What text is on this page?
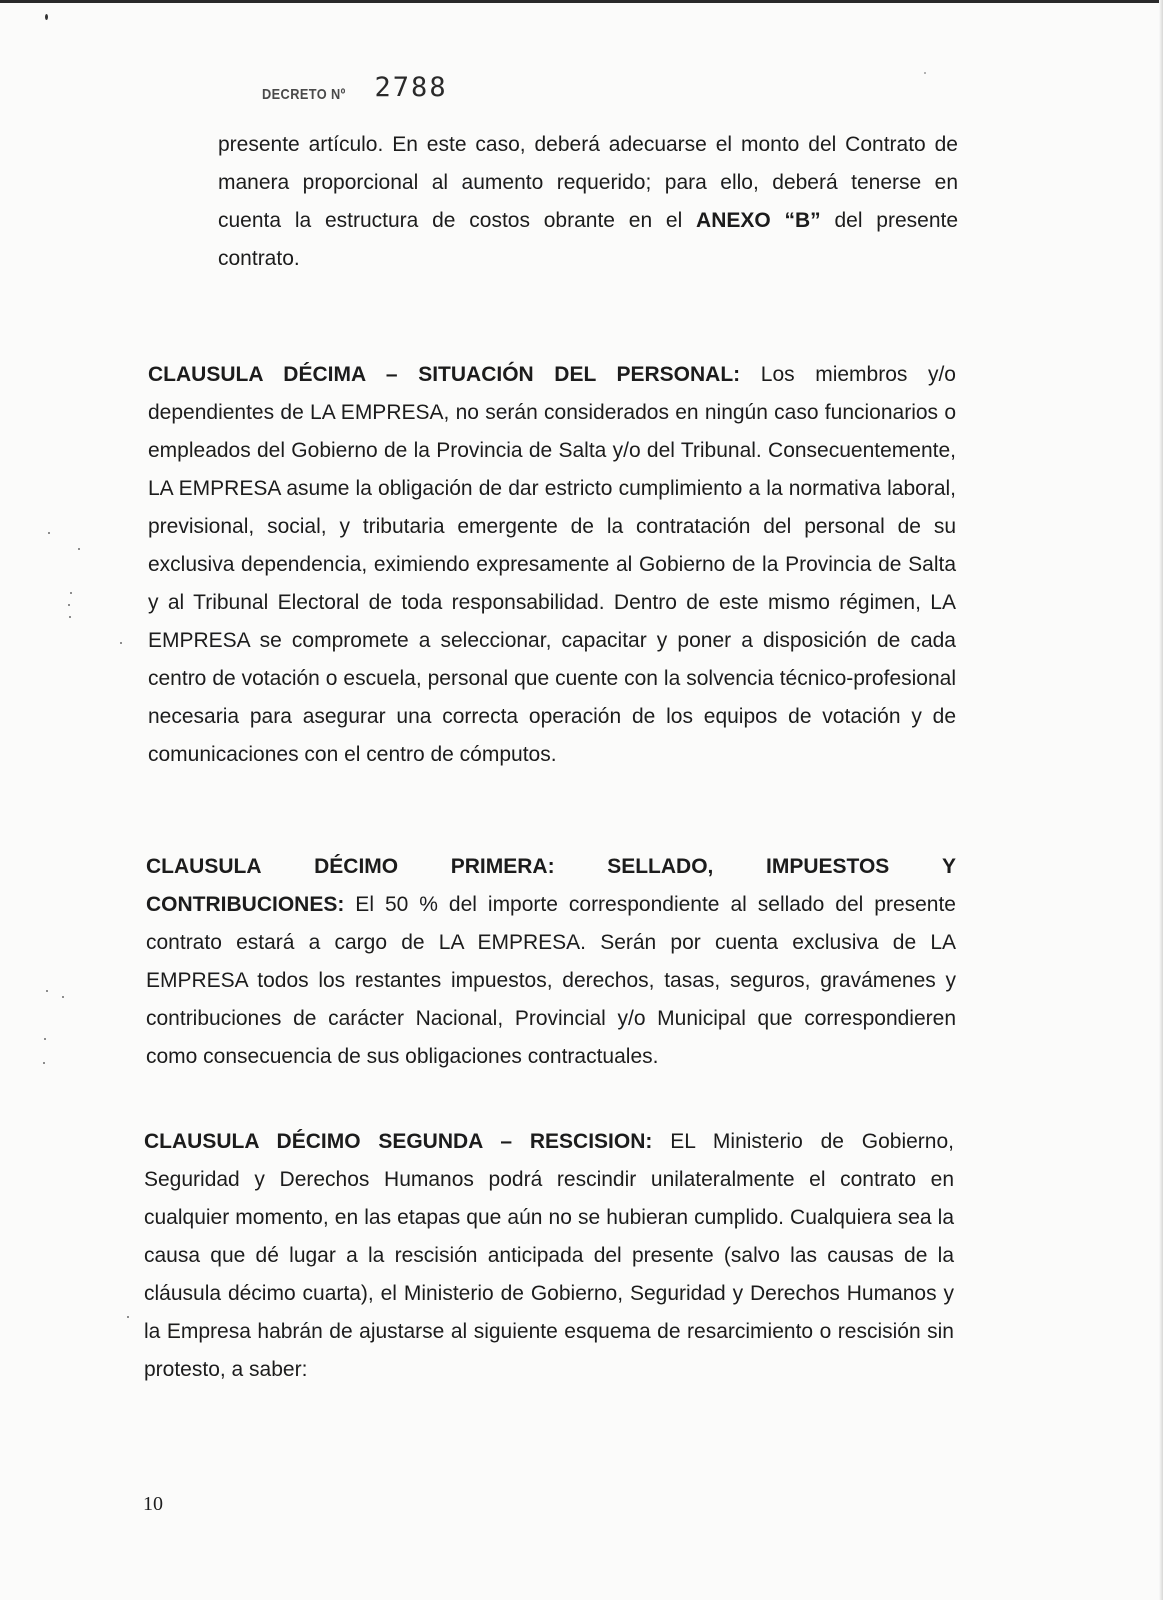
DECRETO Nº 2788
presente artículo. En este caso, deberá adecuarse el monto del Contrato de manera proporcional al aumento requerido; para ello, deberá tenerse en cuenta la estructura de costos obrante en el ANEXO “B” del presente contrato.
CLAUSULA DÉCIMA – SITUACIÓN DEL PERSONAL: Los miembros y/o dependientes de LA EMPRESA, no serán considerados en ningún caso funcionarios o empleados del Gobierno de la Provincia de Salta y/o del Tribunal. Consecuentemente, LA EMPRESA asume la obligación de dar estricto cumplimiento a la normativa laboral, previsional, social, y tributaria emergente de la contratación del personal de su exclusiva dependencia, eximiendo expresamente al Gobierno de la Provincia de Salta y al Tribunal Electoral de toda responsabilidad. Dentro de este mismo régimen, LA EMPRESA se compromete a seleccionar, capacitar y poner a disposición de cada centro de votación o escuela, personal que cuente con la solvencia técnico-profesional necesaria para asegurar una correcta operación de los equipos de votación y de comunicaciones con el centro de cómputos.
CLAUSULA	DÉCIMO	PRIMERA:	SELLADO,	IMPUESTOS	Y
CONTRIBUCIONES: El 50 % del importe correspondiente al sellado del presente contrato estará a cargo de LA EMPRESA. Serán por cuenta exclusiva de LA EMPRESA todos los restantes impuestos, derechos, tasas, seguros, gravámenes y contribuciones de carácter Nacional, Provincial y/o Municipal que correspondieren como consecuencia de sus obligaciones contractuales.
CLAUSULA DÉCIMO SEGUNDA – RESCISION: EL Ministerio de Gobierno, Seguridad y Derechos Humanos podrá rescindir unilateralmente el contrato en cualquier momento, en las etapas que aún no se hubieran cumplido. Cualquiera sea la causa que dé lugar a la rescisión anticipada del presente (salvo las causas de la cláusula décimo cuarta), el Ministerio de Gobierno, Seguridad y Derechos Humanos y la Empresa habrán de ajustarse al siguiente esquema de resarcimiento o rescisión sin protesto, a saber:
10
